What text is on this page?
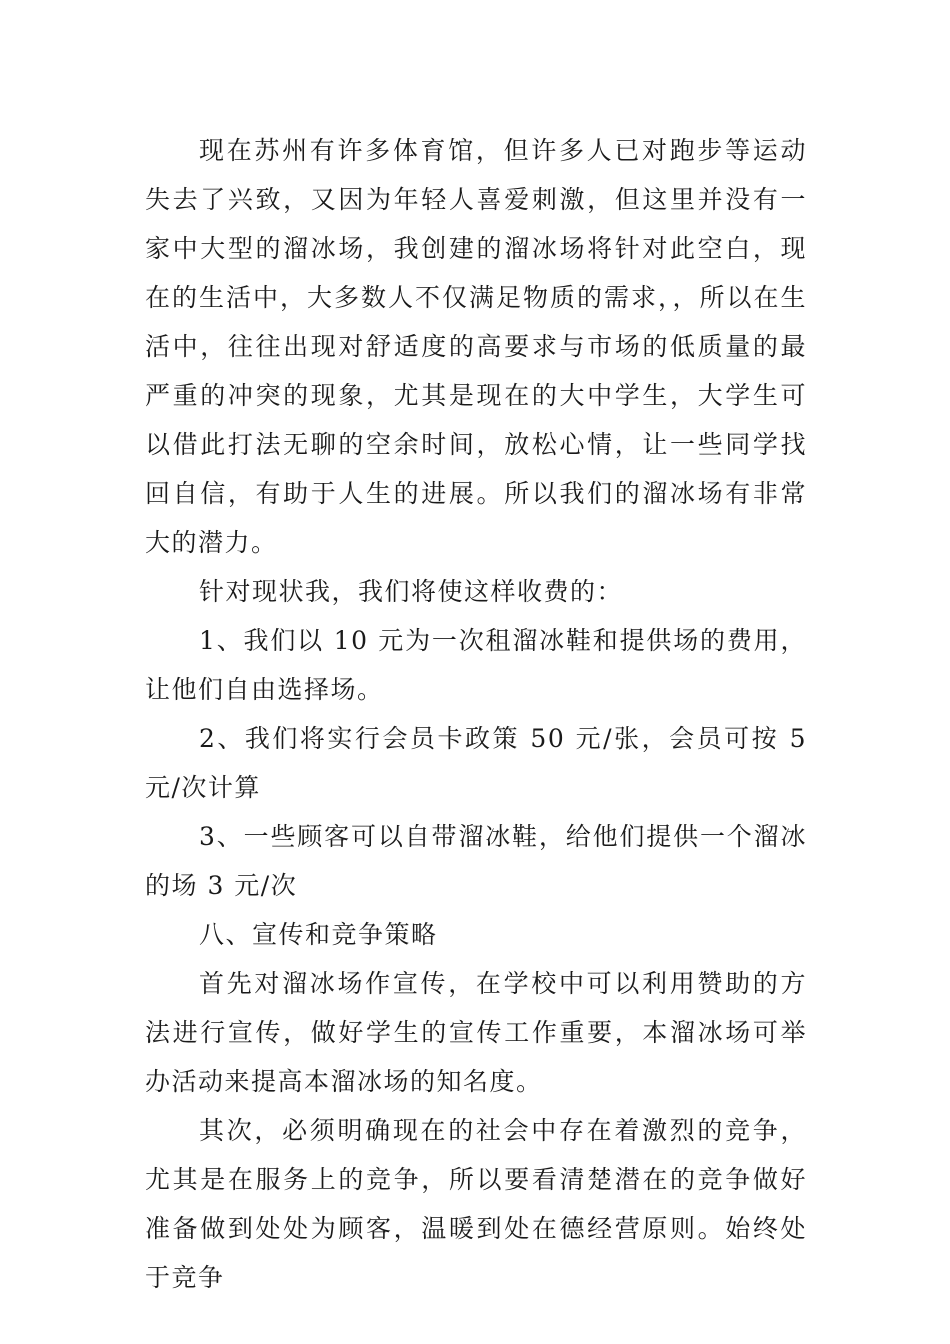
现在苏州有许多体育馆，但许多人已对跑步等运动失去了兴致，又因为年轻人喜爱刺激，但这里并没有一家中大型的溜冰场，我创建的溜冰场将针对此空白，现在的生活中，大多数人不仅满足物质的需求，，所以在生活中，往往出现对舒适度的高要求与市场的低质量的最严重的冲突的现象，尤其是现在的大中学生，大学生可以借此打法无聊的空余时间，放松心情，让一些同学找回自信，有助于人生的进展。所以我们的溜冰场有非常大的潜力。

针对现状我，我们将使这样收费的：

1、我们以 10 元为一次租溜冰鞋和提供场的费用，让他们自由选择场。

2、我们将实行会员卡政策 50 元/张，会员可按 5 元/次计算

3、一些顾客可以自带溜冰鞋，给他们提供一个溜冰的场 3 元/次

八、宣传和竞争策略

首先对溜冰场作宣传，在学校中可以利用赞助的方法进行宣传，做好学生的宣传工作重要，本溜冰场可举办活动来提高本溜冰场的知名度。

其次，必须明确现在的社会中存在着激烈的竞争，尤其是在服务上的竞争，所以要看清楚潜在的竞争做好准备做到处处为顾客，温暖到处在德经营原则。始终处于竞争
